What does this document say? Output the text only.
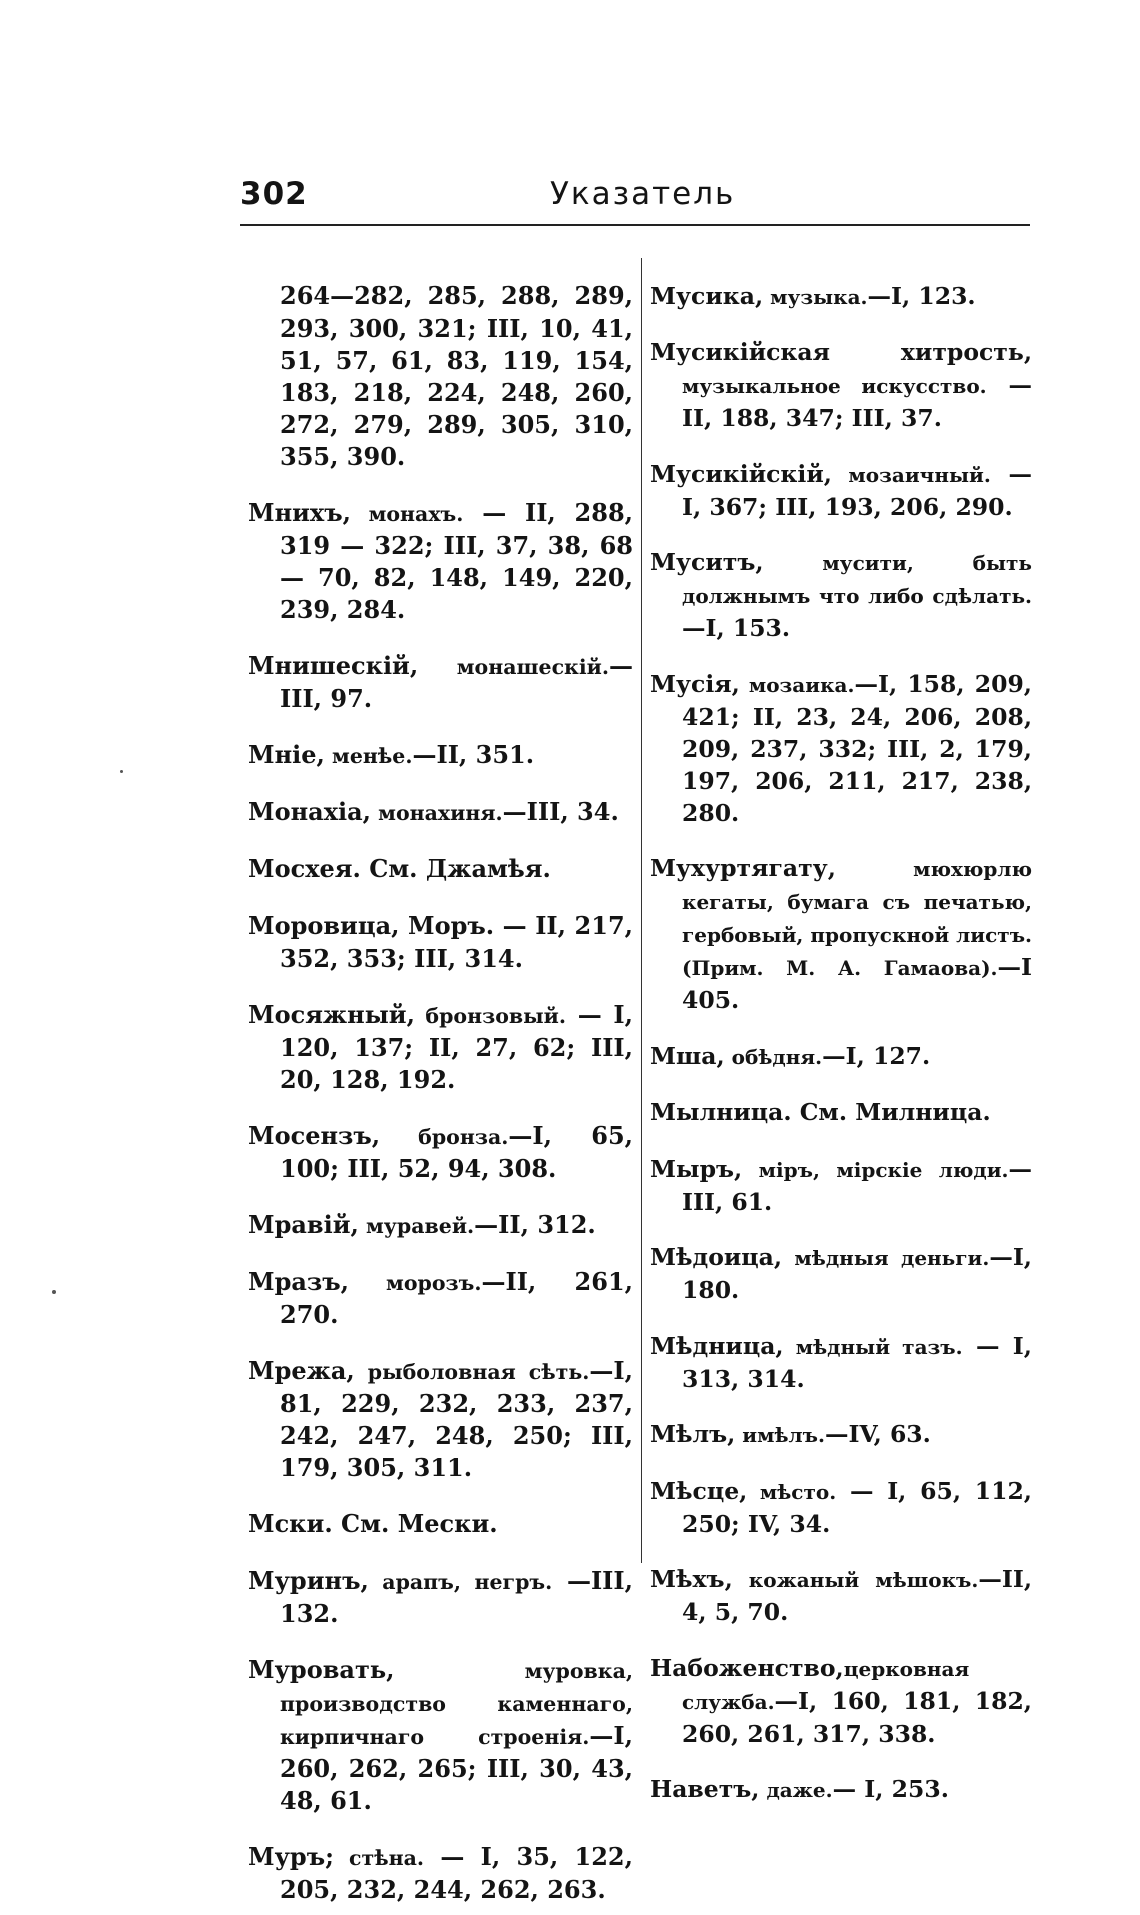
302	Указатель

264—282, 285, 288, 289, 293, 300, 321; III, 10, 41, 51, 57, 61, 83, 119, 154, 183, 218, 224, 248, 260, 272, 279, 289, 305, 310, 355, 390.

Мнихъ, монахъ. — II, 288, 319 — 322; III, 37, 38, 68 — 70, 82, 148, 149, 220, 239, 284.

Мнишескій, монашескій.—III, 97.

Мніе, менѣе.—II, 351.

Монахіа, монахиня.—III, 34.

Мосхея. См. Джамѣя.

Моровица, Моръ. — II, 217, 352, 353; III, 314.

Мосяжный, бронзовый. — I, 120, 137; II, 27, 62; III, 20, 128, 192.

Мосензъ, бронза.—I, 65, 100; III, 52, 94, 308.

Мравій, муравей.—II, 312.

Мразъ, морозъ.—II, 261, 270.

Мрежа, рыболовная сѣть.—I, 81, 229, 232, 233, 237, 242, 247, 248, 250; III, 179, 305, 311.

Мски. См. Мески.

Муринъ, арапъ, негръ. —III, 132.

Муровать, муровка, производство каменнаго, кирпичнаго строенія.—I, 260, 262, 265; III, 30, 43, 48, 61.

Муръ; стѣна. — I, 35, 122, 205, 232, 244, 262, 263.

Мусика, музыка.—I, 123.

Мусикійская хитрость, музыкальное искусство. — II, 188, 347; III, 37.

Мусикійскій, мозаичный. — I, 367; III, 193, 206, 290.

Муситъ, мусити, быть должнымъ что либо сдѣлать.—I, 153.

Мусія, мозаика.—I, 158, 209, 421; II, 23, 24, 206, 208, 209, 237, 332; III, 2, 179, 197, 206, 211, 217, 238, 280.

Мухуртягату, мюхюрлю кегаты, бумага съ печатью, гербовый, пропускной листъ. (Прим. М. А. Гамаова).—I 405.

Мша, обѣдня.—I, 127.

Мылница. См. Милница.

Мыръ, міръ, мірскіе люди.— III, 61.

Мѣдоица, мѣдныя деньги.—I, 180.

Мѣдница, мѣдный тазъ. — I, 313, 314.

Мѣлъ, имѣлъ.—IV, 63.

Мѣсце, мѣсто. — I, 65, 112, 250; IV, 34.

Мѣхъ, кожаный мѣшокъ.—II, 4, 5, 70.

Набоженство,церковная служба.—I, 160, 181, 182, 260, 261, 317, 338.

Наветъ, даже.— I, 253.
